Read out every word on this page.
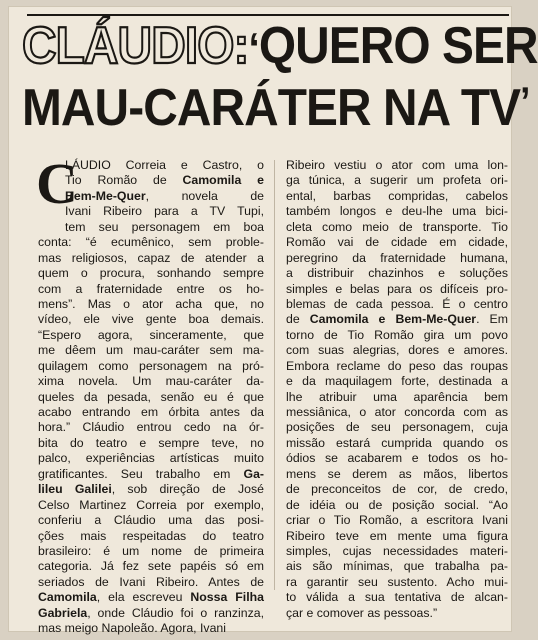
CLÁUDIO:‘QUERO SER
MAU-CARÁTER NA TV’
C
LÁUDIO Correia e Castro, o
Tio Romão de Camomila e
Bem-Me-Quer, novela de
Ivani Ribeiro para a TV Tupi,
tem seu personagem em boa
conta: “é ecumênico, sem proble-
mas religiosos, capaz de atender a
quem o procura, sonhando sempre
com a fraternidade entre os ho-
mens”. Mas o ator acha que, no
vídeo, ele vive gente boa demais.
“Espero agora, sinceramente, que
me dêem um mau-caráter sem ma-
quilagem como personagem na pró-
xima novela. Um mau-caráter da-
queles da pesada, senão eu é que
acabo entrando em órbita antes da
hora.” Cláudio entrou cedo na ór-
bita do teatro e sempre teve, no
palco, experiências artísticas muito
gratificantes. Seu trabalho em Ga-
lileu Galilei, sob direção de José
Celso Martinez Correia por exemplo,
conferiu a Cláudio uma das posi-
ções mais respeitadas do teatro
brasileiro: é um nome de primeira
categoria. Já fez sete papéis só em
seriados de Ivani Ribeiro. Antes de
Camomila, ela escreveu Nossa Filha
Gabriela, onde Cláudio foi o ranzinza,
mas meigo Napoleão. Agora, Ivani
Ribeiro vestiu o ator com uma lon-
ga túnica, a sugerir um profeta ori-
ental, barbas compridas, cabelos
também longos e deu-lhe uma bici-
cleta como meio de transporte. Tio
Romão vai de cidade em cidade,
peregrino da fraternidade humana,
a distribuir chazinhos e soluções
simples e belas para os difíceis pro-
blemas de cada pessoa. É o centro
de Camomila e Bem-Me-Quer. Em
torno de Tio Romão gira um povo
com suas alegrias, dores e amores.
Embora reclame do peso das roupas
e da maquilagem forte, destinada a
lhe atribuir uma aparência bem
messiânica, o ator concorda com as
posições de seu personagem, cuja
missão estará cumprida quando os
ódios se acabarem e todos os ho-
mens se derem as mãos, libertos
de preconceitos de cor, de credo,
de idéia ou de posição social. “Ao
criar o Tio Romão, a escritora Ivani
Ribeiro teve em mente uma figura
simples, cujas necessidades materi-
ais são mínimas, que trabalha pa-
ra garantir seu sustento. Acho mui-
to válida a sua tentativa de alcan-
çar e comover as pessoas.”
